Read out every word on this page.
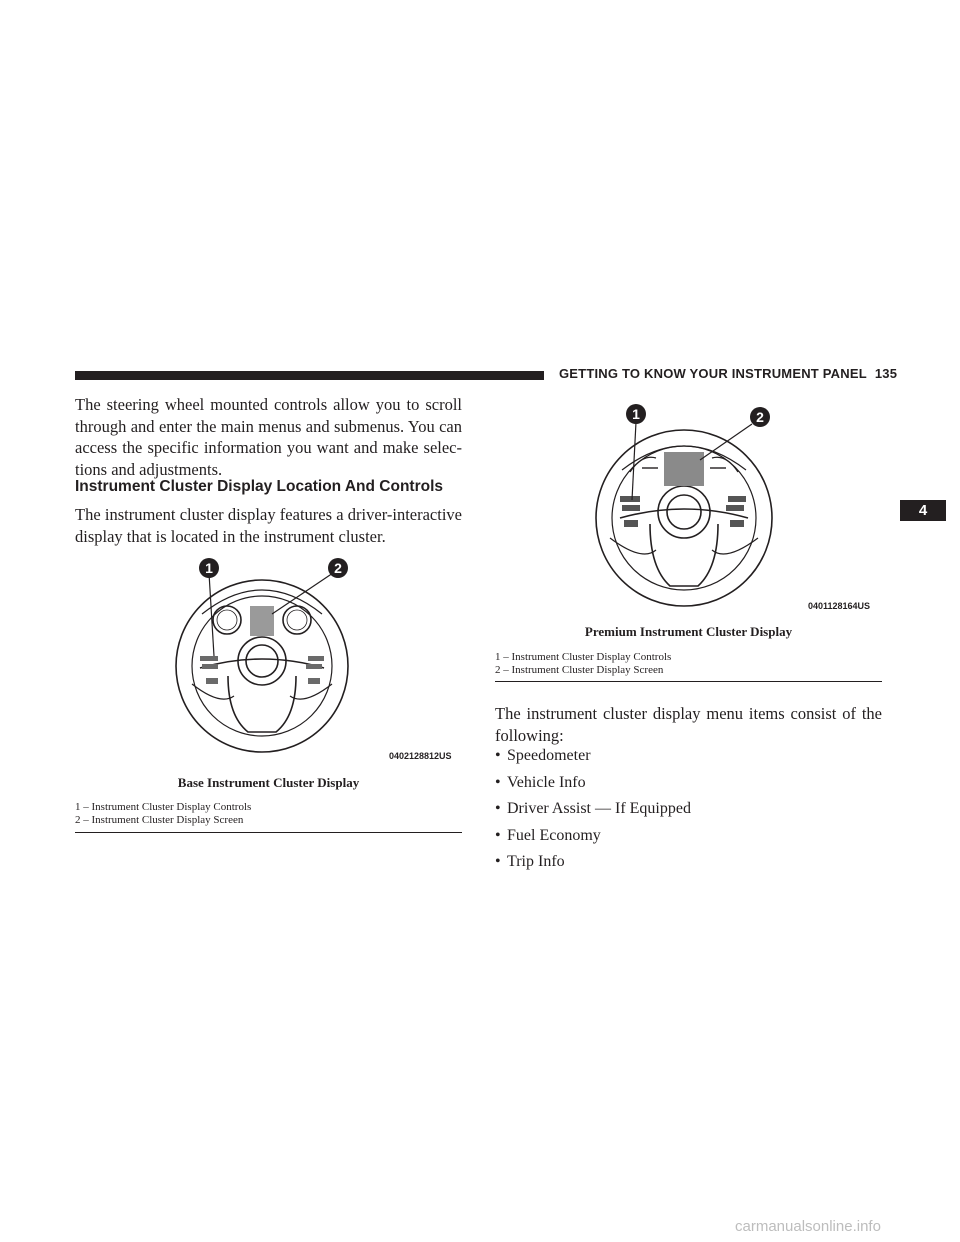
GETTING TO KNOW YOUR INSTRUMENT PANEL 135
4
The steering wheel mounted controls allow you to scroll through and enter the main menus and submenus. You can access the specific information you want and make selec-tions and adjustments.
Instrument Cluster Display Location And Controls
The instrument cluster display features a driver-interactive display that is located in the instrument cluster.
1	2
0402128812US
Base Instrument Cluster Display
1 – Instrument Cluster Display Controls
2 – Instrument Cluster Display Screen
1	2
0401128164US
Premium Instrument Cluster Display
1 – Instrument Cluster Display Controls
2 – Instrument Cluster Display Screen
The instrument cluster display menu items consist of the following:
• Speedometer
• Vehicle Info
• Driver Assist — If Equipped
• Fuel Economy
• Trip Info
carmanualsonline.info
